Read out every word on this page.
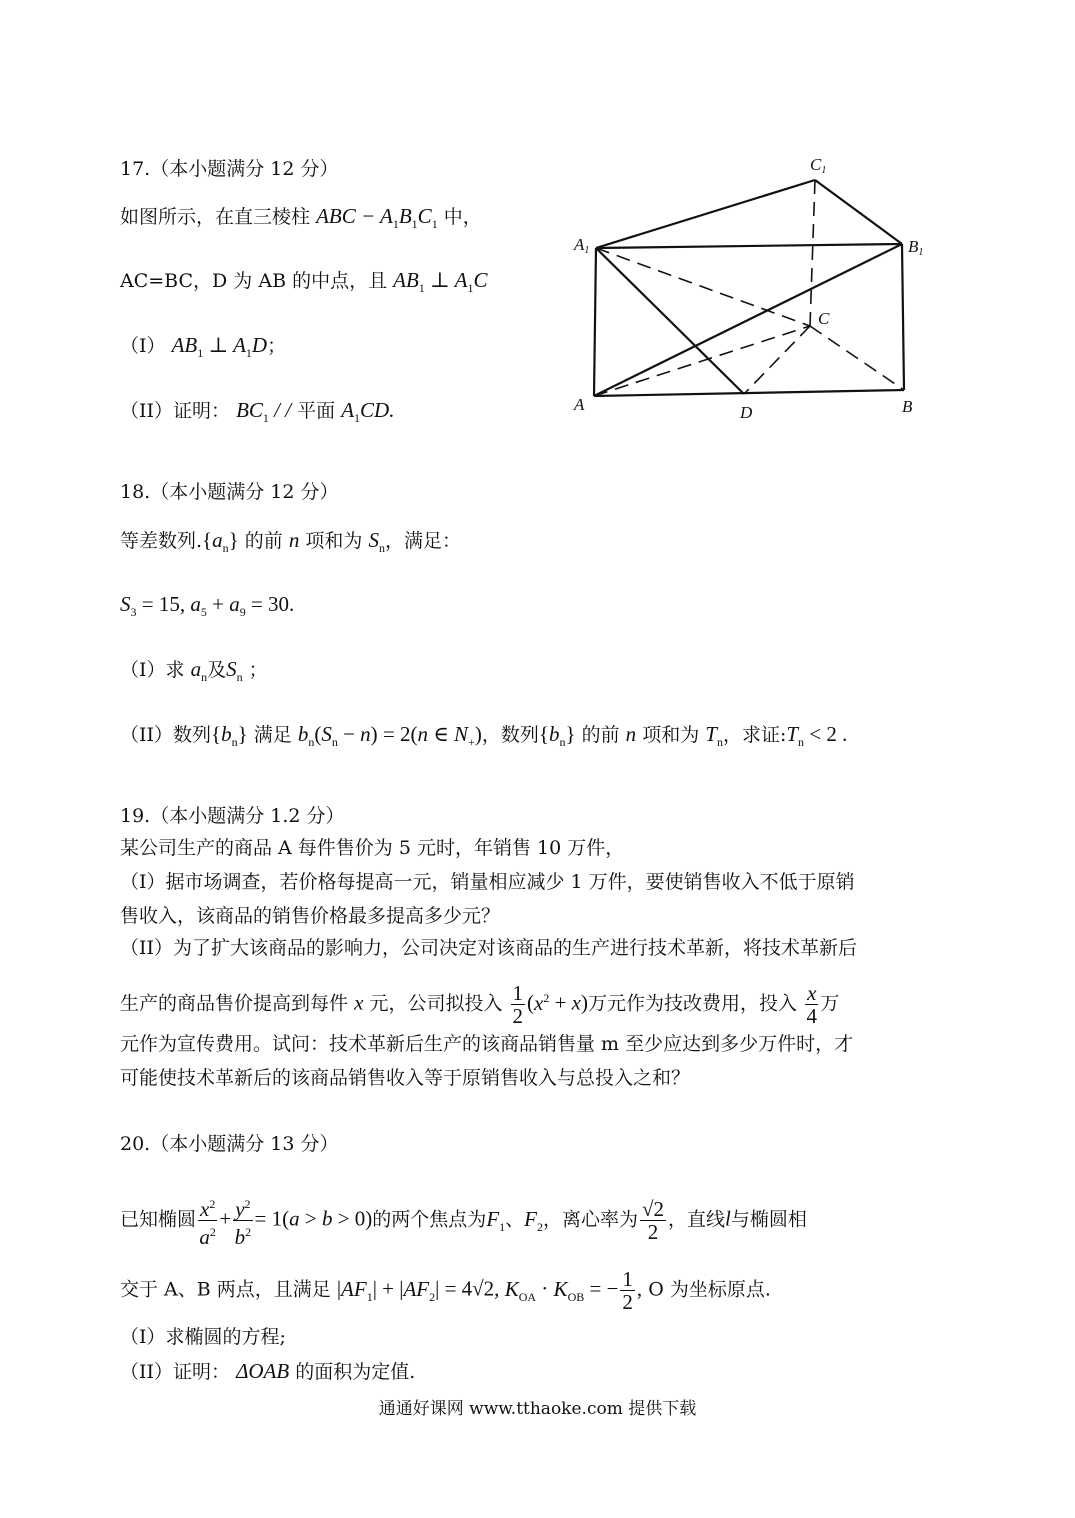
17.（本小题满分 12 分）
如图所示，在直三棱柱 ABC − $A_1B_1C_1$ 中，
AC=BC，D 为 AB 的中点，且 $AB_1$ ⊥ $A_1C$
（I） $AB_1$ ⊥ $A_1D$；
（II）证明： $BC_1$ / / 平面 $A_1CD$.
C1
A1	B1
C
A	D	B
18.（本小题满分 12 分）
等差数列$.\{a_n\}$ 的前 n 项和为 $S_n$，满足：
$S_3 = 15$, $a_5 + a_9 = 30$.
（I）求 $a_n$及$S_n$ ；
（II）数列$\{b_n\}$ 满足 $b_n(S_n - n) = 2(n$ ∈ $N_+$)，数列$\{b_n\}$ 的前 n 项和为 $T_n$，求证$:T_n < 2$ .
19.（本小题满分 1.2 分）
某公司生产的商品 A 每件售价为 5 元时，年销售 10 万件，
（I）据市场调查，若价格每提高一元，销量相应减少 1 万件，要使销售收入不低于原销
售收入，该商品的销售价格最多提高多少元？
（II）为了扩大该商品的影响力，公司决定对该商品的生产进行技术革新，将技术革新后
生产的商品售价提高到每件 x 元，公司拟投入 $\frac{1}{2} (x^2 + x)$万元作为技改费用，投入 $\frac{x}{4}$ 万
元作为宣传费用。试问：技术革新后生产的该商品销售量 m 至少应达到多少万件时，才
可能使技术革新后的该商品销售收入等于原销售收入与总投入之和？
20.（本小题满分 13 分）
已知椭圆 $\frac{x^2}{a^2} + \frac{y^2}{b^2} = 1(a > b > 0)$的两个焦点为$F_1$、$F_2$，离心率为 $\frac{√2}{2}$ ，直线l与椭圆相
交于 A、B 两点，且满足 $|AF_1| + |AF_2| = 4√2$, $K_{OA} \cdot K_{OB}$ = − $\frac{1}{2}$ , O 为坐标原点.
（I）求椭圆的方程;
（II）证明： ΔOAB 的面积为定值.
通通好课网 www.tthaoke.com 提供下载
